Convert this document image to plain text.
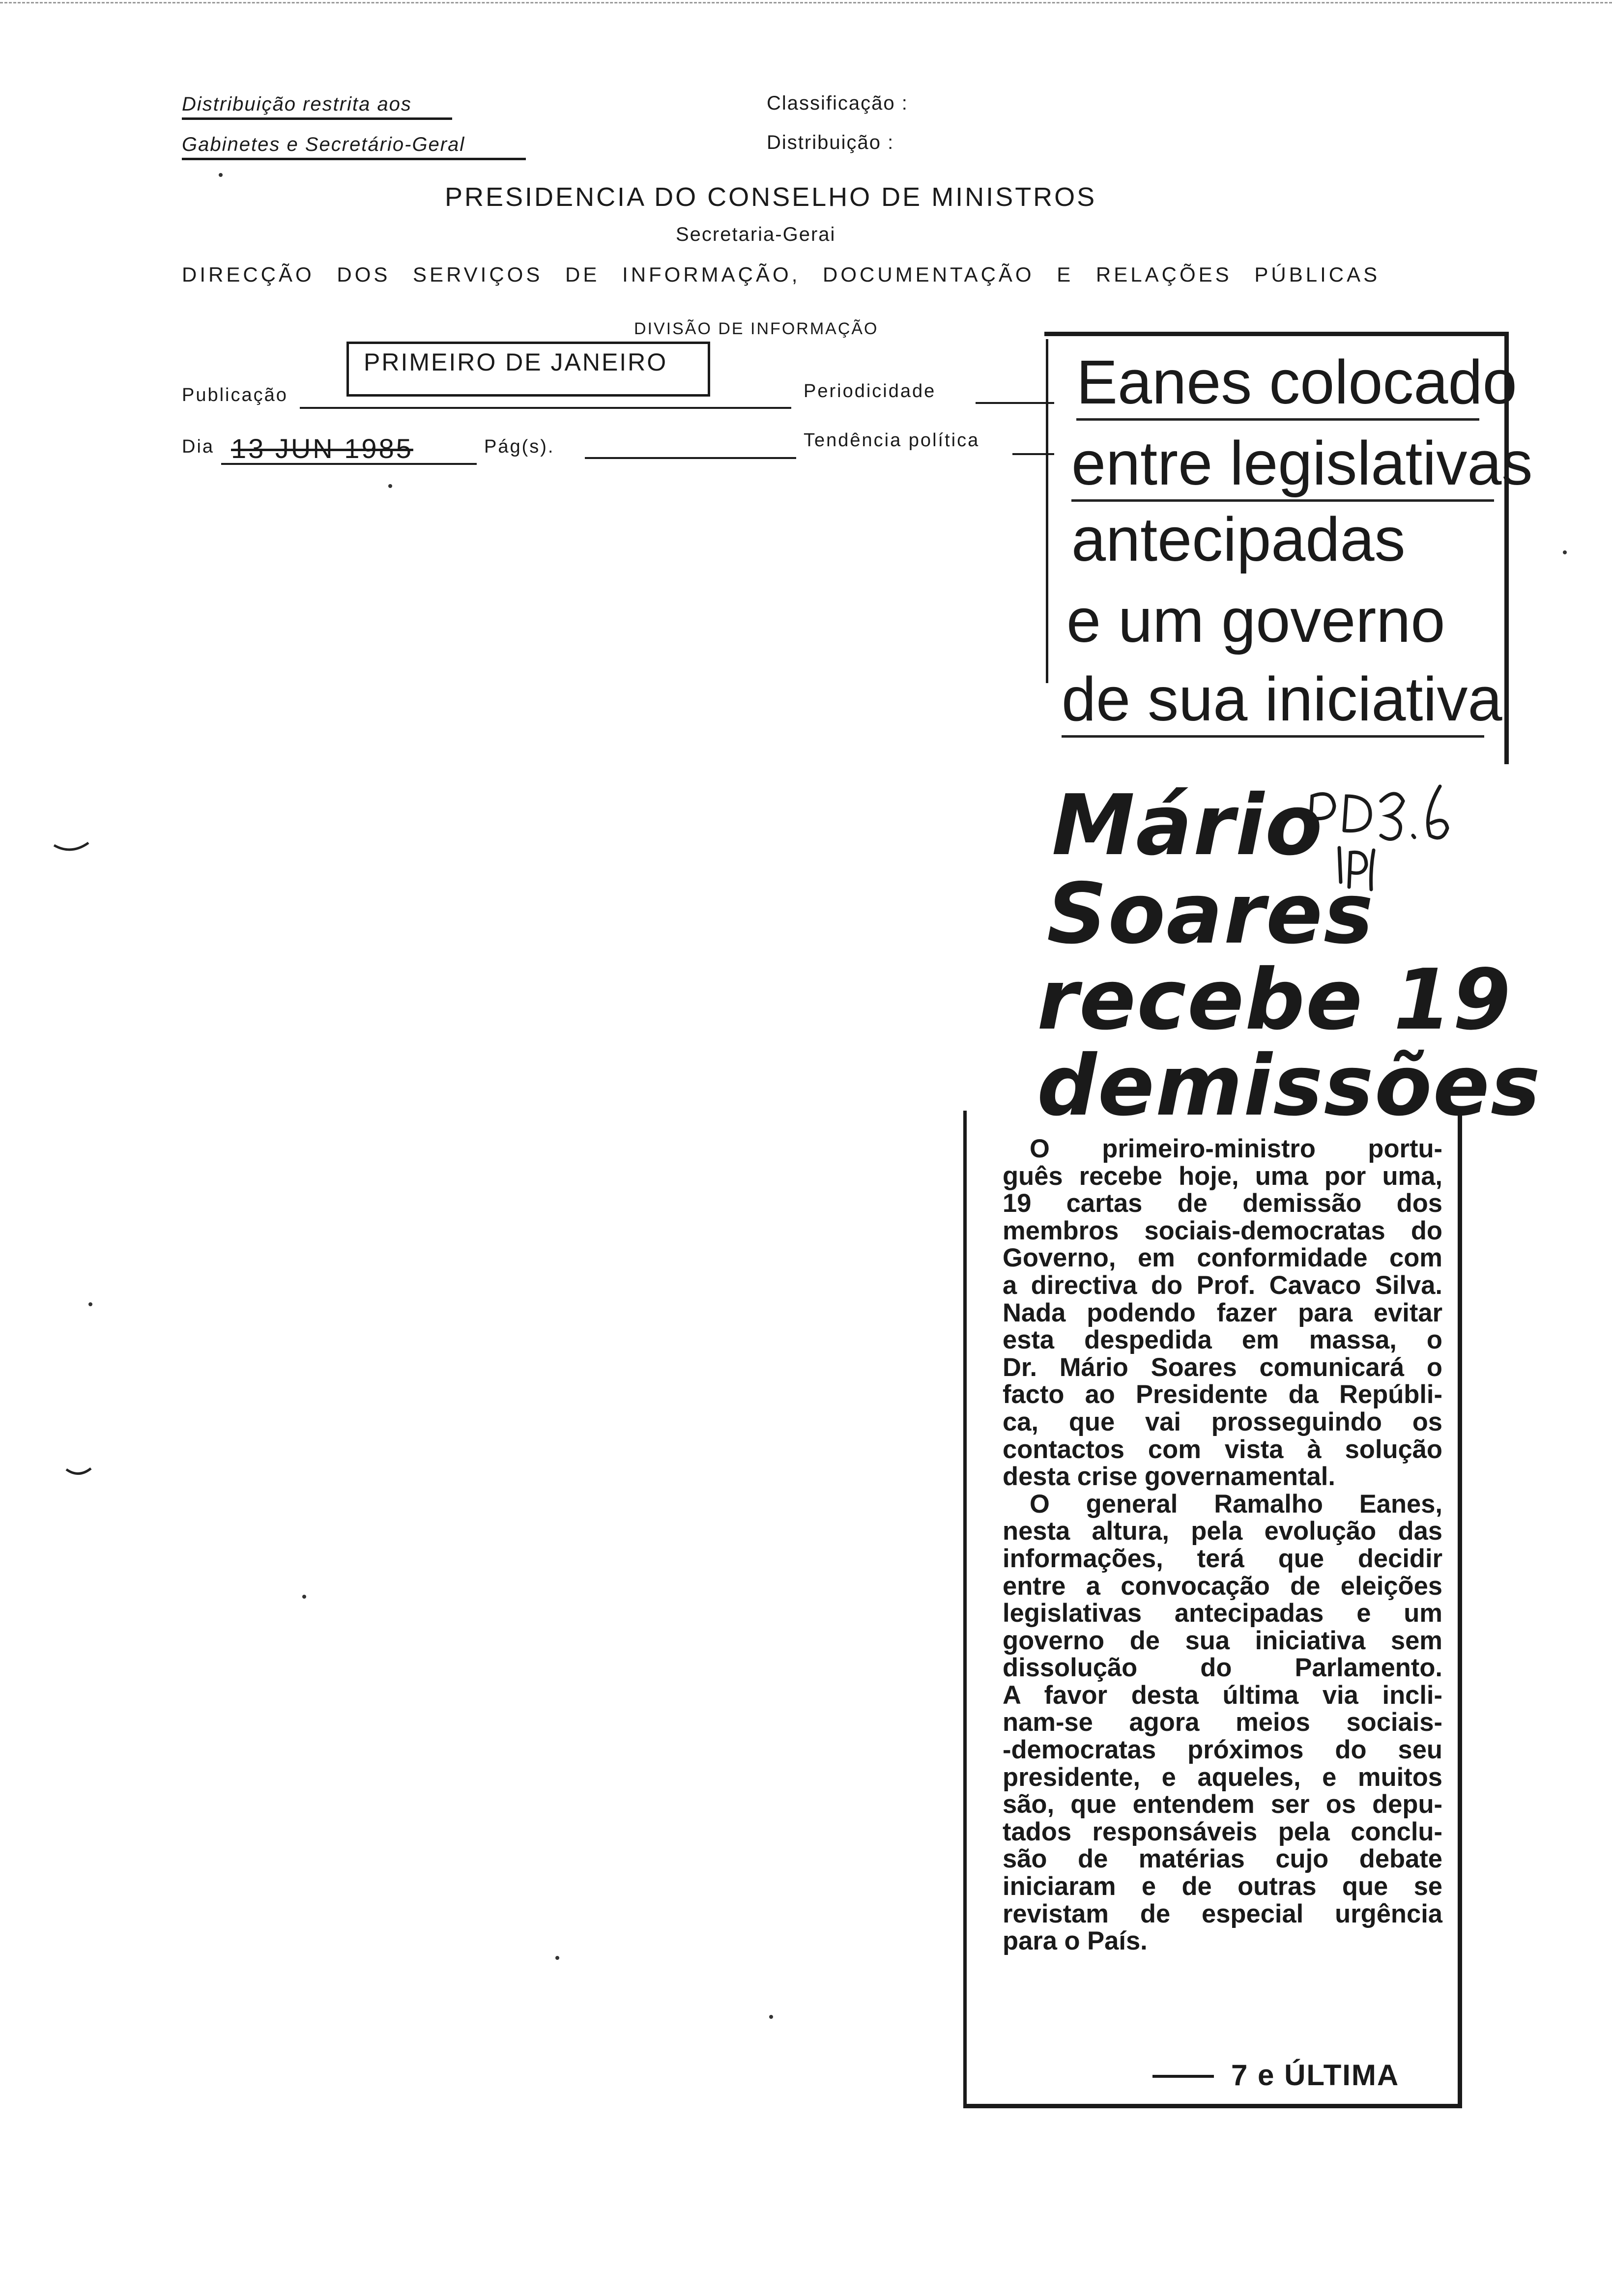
Distribuição restrita aos
Gabinetes e Secretário-Geral
Classificação :
Distribuição :
PRESIDENCIA DO CONSELHO DE MINISTROS
Secretaria-Gerai
DIRECÇÃO DOS SERVIÇOS DE INFORMAÇÃO, DOCUMENTAÇÃO E RELAÇÕES PÚBLICAS
DIVISÃO DE INFORMAÇÃO
Publicação
PRIMEIRO DE JANEIRO
Periodicidade
Dia 13 JUN 1985	Pág(s).	Tendência política
Eanes colocado
entre legislativas
antecipadas
e um governo
de sua iniciativa
Mário
Soares
recebe 19
demissões
O primeiro-ministro portu-
guês recebe hoje, uma por uma,
19 cartas de demissão dos
membros sociais-democratas do
Governo, em conformidade com
a directiva do Prof. Cavaco Silva.
Nada podendo fazer para evitar
esta despedida em massa, o
Dr. Mário Soares comunicará o
facto ao Presidente da Repúbli-
ca, que vai prosseguindo os
contactos com vista à solução
desta crise governamental.
O general Ramalho Eanes,
nesta altura, pela evolução das
informações, terá que decidir
entre a convocação de eleições
legislativas antecipadas e um
governo de sua iniciativa sem
dissolução do Parlamento.
A favor desta última via incli-
nam-se agora meios sociais-
-democratas próximos do seu
presidente, e aqueles, e muitos
são, que entendem ser os depu-
tados responsáveis pela conclu-
são de matérias cujo debate
iniciaram e de outras que se
revistam de especial urgência
para o País.
7 e ÚLTIMA
